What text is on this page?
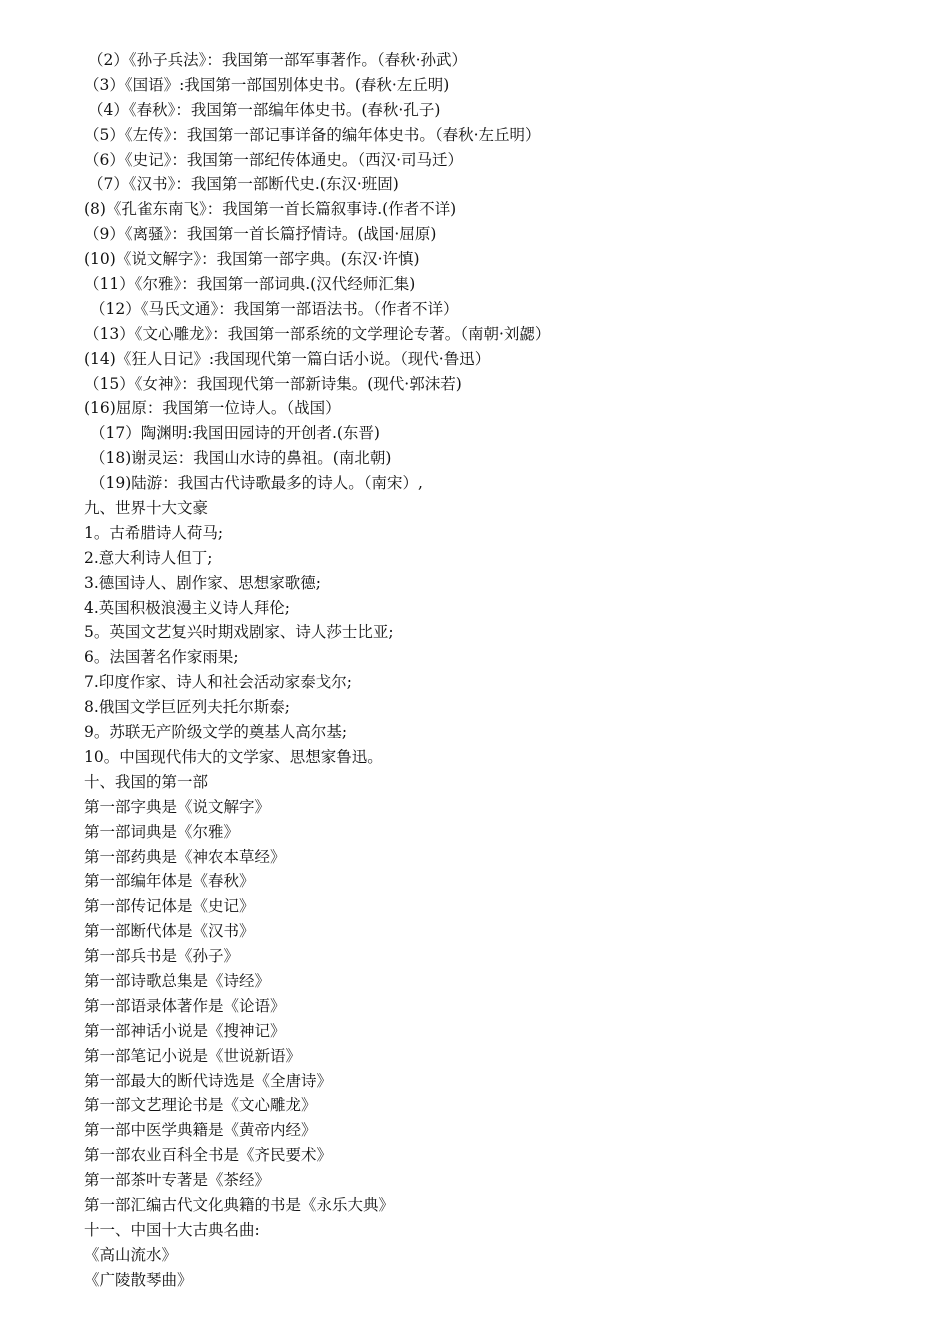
（2）《孙子兵法》：我国第一部军事著作。（春秋·孙武）
（3）《国语》:我国第一部国别体史书。(春秋·左丘明)
（4）《春秋》：我国第一部编年体史书。(春秋·孔子)
（5）《左传》：我国第一部记事详备的编年体史书。（春秋·左丘明）
（6）《史记》：我国第一部纪传体通史。（西汉·司马迁）
（7）《汉书》：我国第一部断代史.(东汉·班固)
(8)《孔雀东南飞》：我国第一首长篇叙事诗.(作者不详)
（9）《离骚》：我国第一首长篇抒情诗。(战国·屈原)
(10)《说文解字》：我国第一部字典。(东汉·许慎)
（11）《尔雅》：我国第一部词典.(汉代经师汇集)
（12）《马氏文通》：我国第一部语法书。（作者不详）
（13）《文心雕龙》：我国第一部系统的文学理论专著。（南朝·刘勰）
(14)《狂人日记》:我国现代第一篇白话小说。（现代·鲁迅）
（15）《女神》：我国现代第一部新诗集。(现代·郭沫若)
(16)屈原：我国第一位诗人。（战国）
（17）陶渊明:我国田园诗的开创者.(东晋)
（18)谢灵运：我国山水诗的鼻祖。(南北朝)
（19)陆游：我国古代诗歌最多的诗人。（南宋）,
九、世界十大文豪
1。古希腊诗人荷马;
2.意大利诗人但丁;
3.德国诗人、剧作家、思想家歌德;
4.英国积极浪漫主义诗人拜伦;
5。英国文艺复兴时期戏剧家、诗人莎士比亚;
6。法国著名作家雨果;
7.印度作家、诗人和社会活动家泰戈尔;
8.俄国文学巨匠列夫托尔斯泰;
9。苏联无产阶级文学的奠基人高尔基;
10。中国现代伟大的文学家、思想家鲁迅。
十、我国的第一部
第一部字典是《说文解字》
第一部词典是《尔雅》
第一部药典是《神农本草经》
第一部编年体是《春秋》
第一部传记体是《史记》
第一部断代体是《汉书》
第一部兵书是《孙子》
第一部诗歌总集是《诗经》
第一部语录体著作是《论语》
第一部神话小说是《搜神记》
第一部笔记小说是《世说新语》
第一部最大的断代诗选是《全唐诗》
第一部文艺理论书是《文心雕龙》
第一部中医学典籍是《黄帝内经》
第一部农业百科全书是《齐民要术》
第一部茶叶专著是《茶经》
第一部汇编古代文化典籍的书是《永乐大典》
十一、中国十大古典名曲:
《高山流水》
《广陵散琴曲》
